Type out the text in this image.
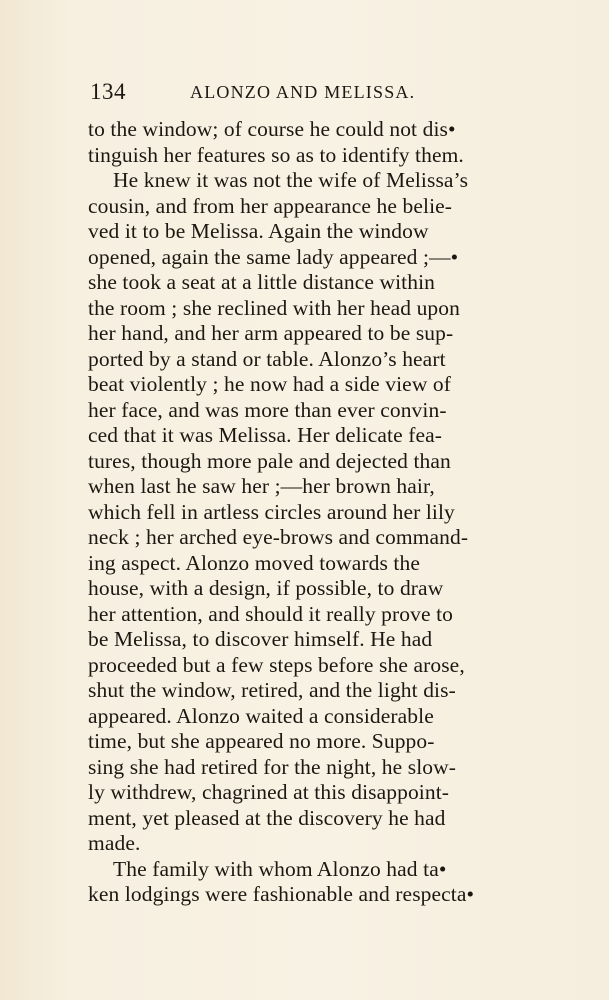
134	ALONZO AND MELISSA.
to the window; of course he could not dis•
tinguish her features so as to identify them.
He knew it was not the wife of Melissa’s
cousin, and from her appearance he belie-
ved it to be Melissa. Again the window
opened, again the same lady appeared ;—•
she took a seat at a little distance within
the room ; she reclined with her head upon
her hand, and her arm appeared to be sup-
ported by a stand or table. Alonzo’s heart
beat violently ; he now had a side view of
her face, and was more than ever convin-
ced that it was Melissa. Her delicate fea-
tures, though more pale and dejected than
when last he saw her ;—her brown hair,
which fell in artless circles around her lily
neck ; her arched eye-brows and command-
ing aspect. Alonzo moved towards the
house, with a design, if possible, to draw
her attention, and should it really prove to
be Melissa, to discover himself. He had
proceeded but a few steps before she arose,
shut the window, retired, and the light dis-
appeared. Alonzo waited a considerable
time, but she appeared no more. Suppo-
sing she had retired for the night, he slow-
ly withdrew, chagrined at this disappoint-
ment, yet pleased at the discovery he had
made.
The family with whom Alonzo had ta•
ken lodgings were fashionable and respecta•
